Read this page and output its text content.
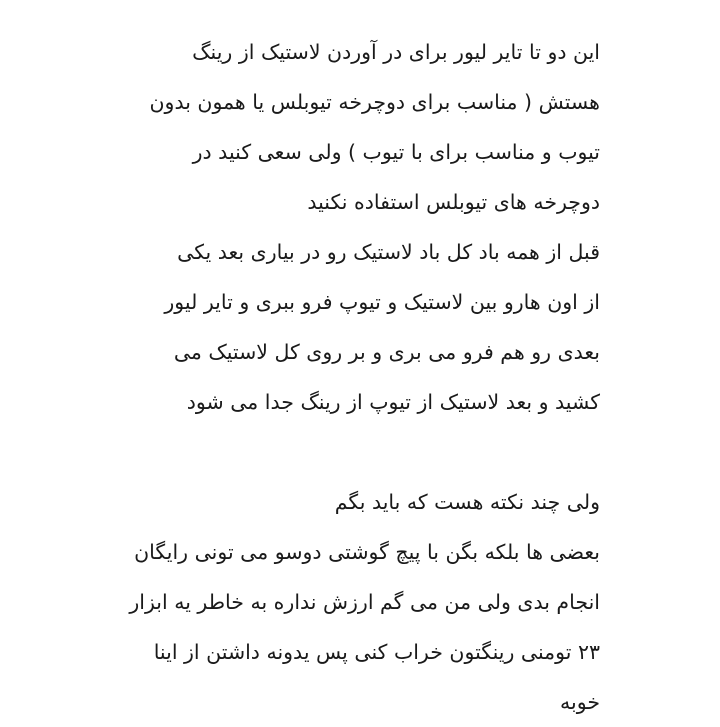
این دو تا تایر لیور برای در آوردن لاستیک از رینگ
هستش ( مناسب برای دوچرخه تیوبلس یا همون بدون
تیوب و مناسب برای با تیوب ) ولی سعی کنید در
دوچرخه های تیوبلس استفاده نکنید
قبل از همه باد کل باد لاستیک رو در بیاری بعد یکی
از اون هارو بین لاستیک و تیوپ فرو ببری و تایر لیور
بعدی رو هم فرو می بری و بر روی کل لاستیک می
کشید و بعد لاستیک از تیوپ از رینگ جدا می شود
ولی چند نکته هست که باید بگم
بعضی ها بلکه بگن با پیچ گوشتی دوسو می تونی رایگان
انجام بدی ولی من می گم ارزش نداره به خاطر یه ابزار
۲۳ تومنی رینگتون خراب کنی پس یدونه داشتن از اینا
خوبه
